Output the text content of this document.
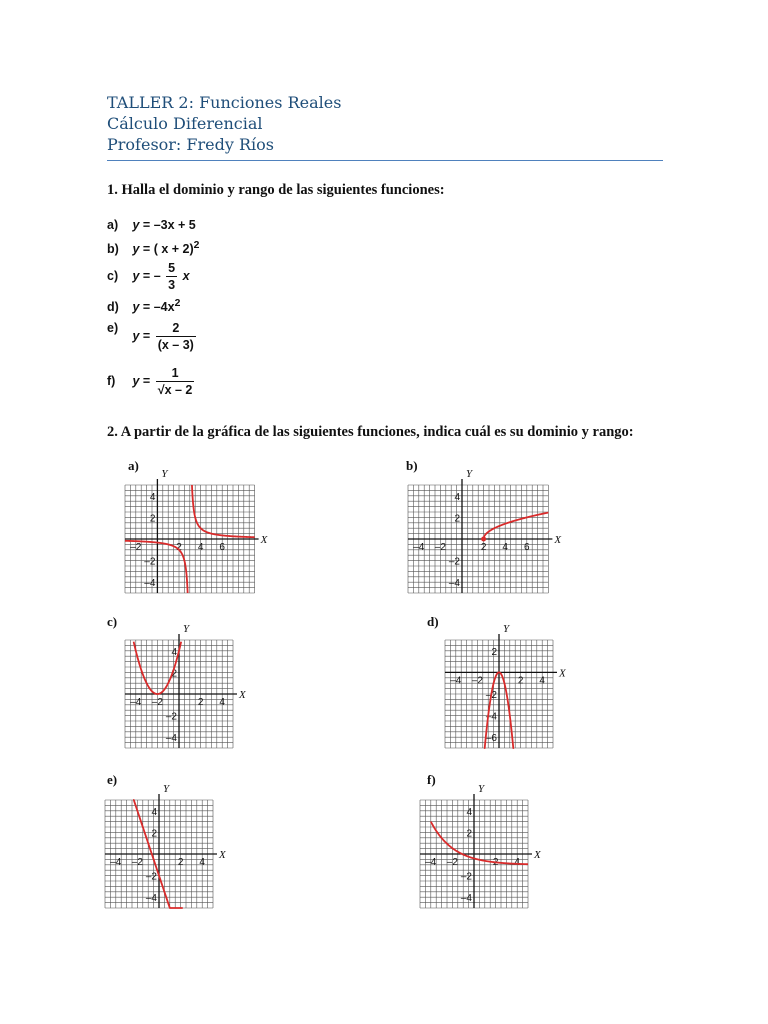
TALLER 2: Funciones Reales
Cálculo Diferencial
Profesor: Fredy Ríos
1. Halla el dominio y rango de las siguientes funciones:
a) y = –3x + 5
b) y = ( x + 2)$^2$
c) y = – $\frac{5}{3}$ x
d) $y = -4x^2$
e) $y = \frac{2}{(x - 3)}$
f) $y = \frac{1}{√x - 2}$
2. A partir de la gráfica de las siguientes funciones, indica cuál es su dominio y rango:
a)	b)
c)	d)
e)	f)
X
Y
–2	2 4 6
4
2
–2
–4
X
Y
–4 –2	2 4 6
4
2
–2
–4
X
Y
–4 –2	2 4
4
2
–2
–4
X
Y
–4 –2	2 4
2
–2
–4
–6
X
Y
–4 –2	2 4
4
2
–2
–4
X
Y
–4 –2	2 4
4
2
–2
–4
